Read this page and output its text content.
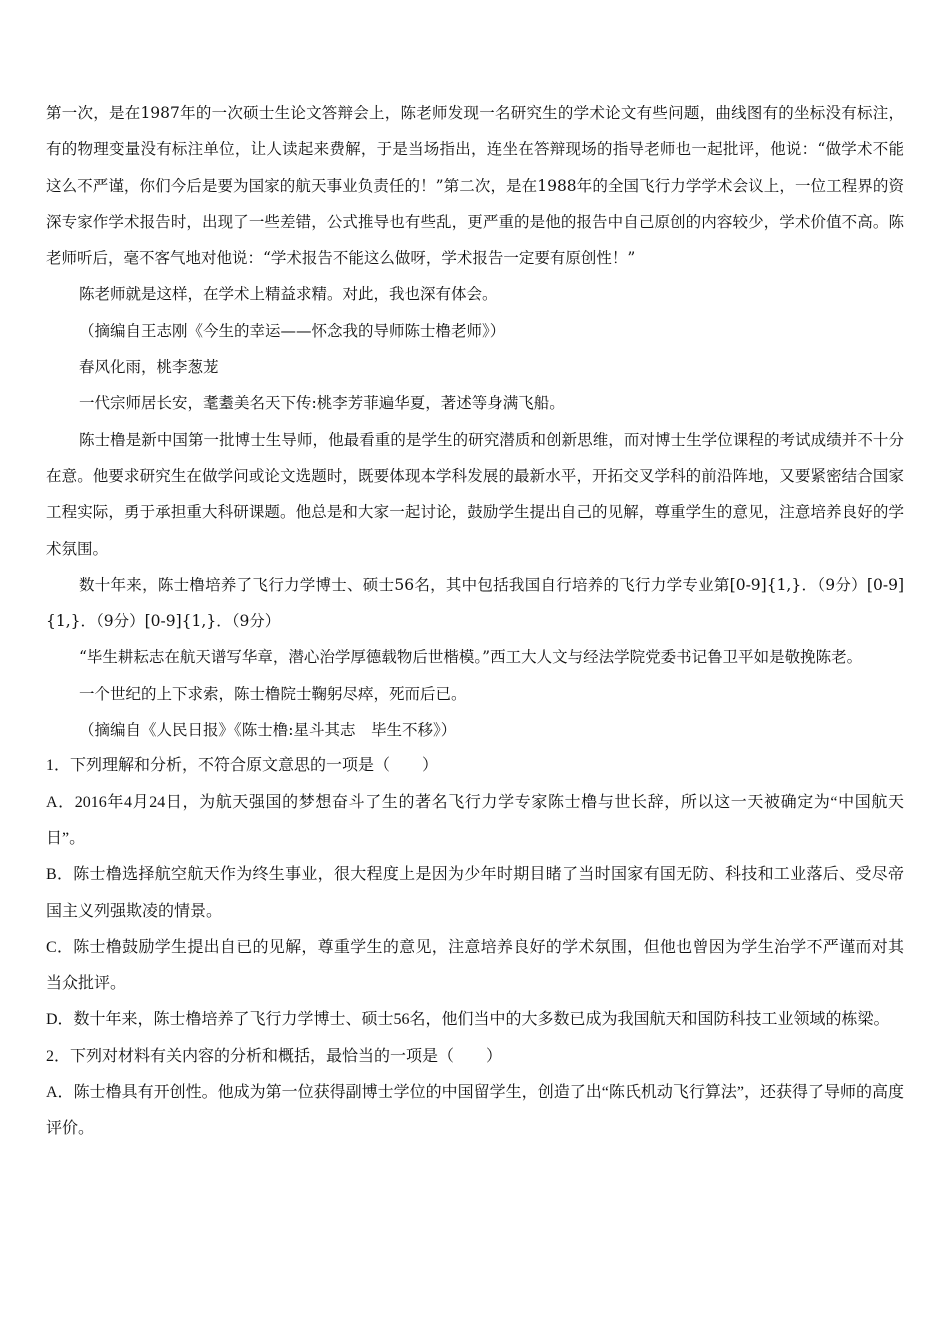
第一次，是在1987年的一次硕士生论文答辩会上，陈老师发现一名研究生的学术论文有些问题，曲线图有的坐标没有标注，有的物理变量没有标注单位，让人读起来费解，于是当场指出，连坐在答辩现场的指导老师也一起批评，他说：“做学术不能这么不严谨，你们今后是要为国家的航天事业负责任的！”第二次，是在1988年的全国飞行力学学术会议上，一位工程界的资深专家作学术报告时，出现了一些差错，公式推导也有些乱，更严重的是他的报告中自己原创的内容较少，学术价值不高。陈老师听后，毫不客气地对他说：“学术报告不能这么做呀，学术报告一定要有原创性！”

陈老师就是这样，在学术上精益求精。对此，我也深有体会。

（摘编自王志刚《今生的幸运——怀念我的导师陈士橹老师》）

春风化雨，桃李葱茏

一代宗师居长安，耄耋美名天下传:桃李芳菲遍华夏，著述等身满飞船。

陈士橹是新中国第一批博士生导师，他最看重的是学生的研究潜质和创新思维，而对博士生学位课程的考试成绩并不十分在意。他要求研究生在做学问或论文选题时，既要体现本学科发展的最新水平，开拓交叉学科的前沿阵地，又要紧密结合国家工程实际，勇于承担重大科研课题。他总是和大家一起讨论，鼓励学生提出自己的见解，尊重学生的意见，注意培养良好的学术氛围。

数十年来，陈士橹培养了飞行力学博士、硕士56名，其中包括我国自行培养的飞行力学专业第[0-9]{1,}．（9分）[0-9]{1,}．（9分）[0-9]{1,}．（9分）

“毕生耕耘志在航天谱写华章，潜心治学厚德载物后世楷模。”西工大人文与经法学院党委书记鲁卫平如是敬挽陈老。

一个世纪的上下求索，陈士橹院士鞠躬尽瘁，死而后已。

（摘编自《人民日报》《陈士橹:星斗其志　毕生不移》）

1．下列理解和分析，不符合原文意思的一项是（　　）

A．2016年4月24日，为航天强国的梦想奋斗了生的著名飞行力学专家陈士橹与世长辞，所以这一天被确定为“中国航天日”。

B．陈士橹选择航空航天作为终生事业，很大程度上是因为少年时期目睹了当时国家有国无防、科技和工业落后、受尽帝国主义列强欺凌的情景。

C．陈士橹鼓励学生提出自已的见解，尊重学生的意见，注意培养良好的学术氛围，但他也曾因为学生治学不严谨而对其当众批评。

D．数十年来，陈士橹培养了飞行力学博士、硕士56名，他们当中的大多数已成为我国航天和国防科技工业领域的栋梁。

2．下列对材料有关内容的分析和概括，最恰当的一项是（　　）

A．陈士橹具有开创性。他成为第一位获得副博士学位的中国留学生，创造了出“陈氏机动飞行算法”，还获得了导师的高度评价。
